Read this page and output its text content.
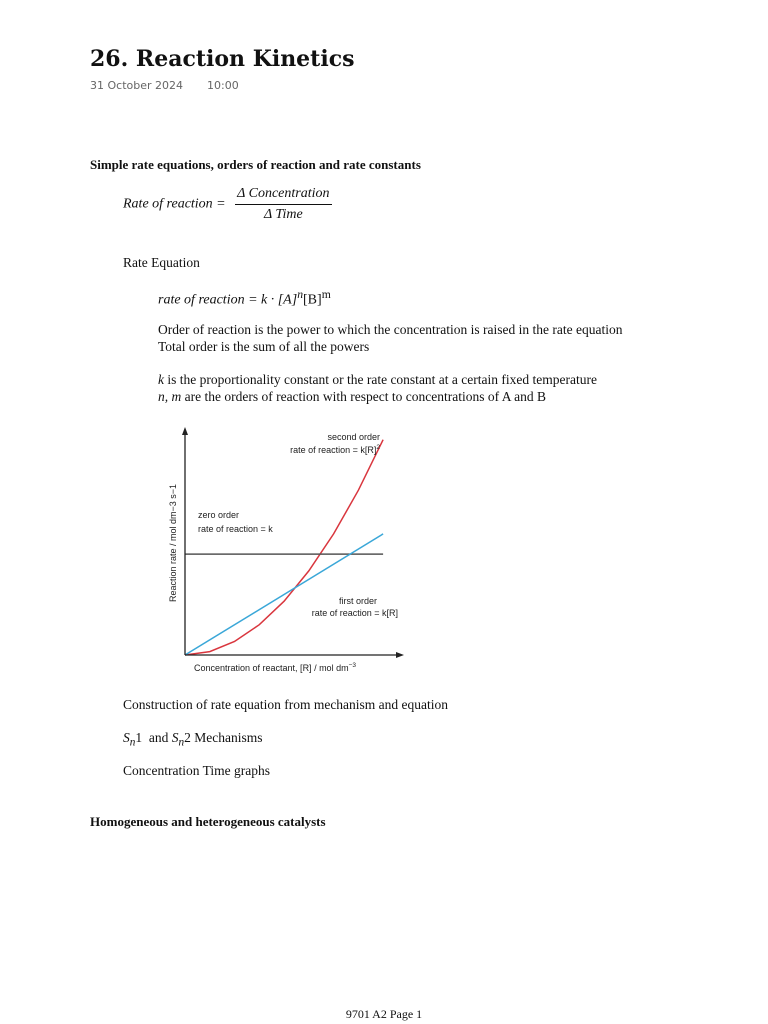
26. Reaction Kinetics
31 October 2024 10:00
Simple rate equations, orders of reaction and rate constants
Rate of reaction = $\frac{\text{Δ Concentration}}{\text{Δ Time}}$
Rate Equation
rate of reaction = $k \cdot [A]^n[B]^m$
Order of reaction is the power to which the concentration is raised in the rate equation
Total order is the sum of all the powers
k is the proportionality constant or the rate constant at a certain fixed temperature
n, m are the orders of reaction with respect to concentrations of A and B
Reaction rate / mol dm−3 s−1
Concentration of reactant, [R] / mol $dm^{-3}$
second order
rate of reaction = $k[R]^2$
zero order
rate of reaction = k
first order
rate of reaction = k[R]
Construction of rate equation from mechanism and equation
$S_n1$ and $S_n2$ Mechanisms
Concentration Time graphs
Homogeneous and heterogeneous catalysts
9701 A2 Page 1
